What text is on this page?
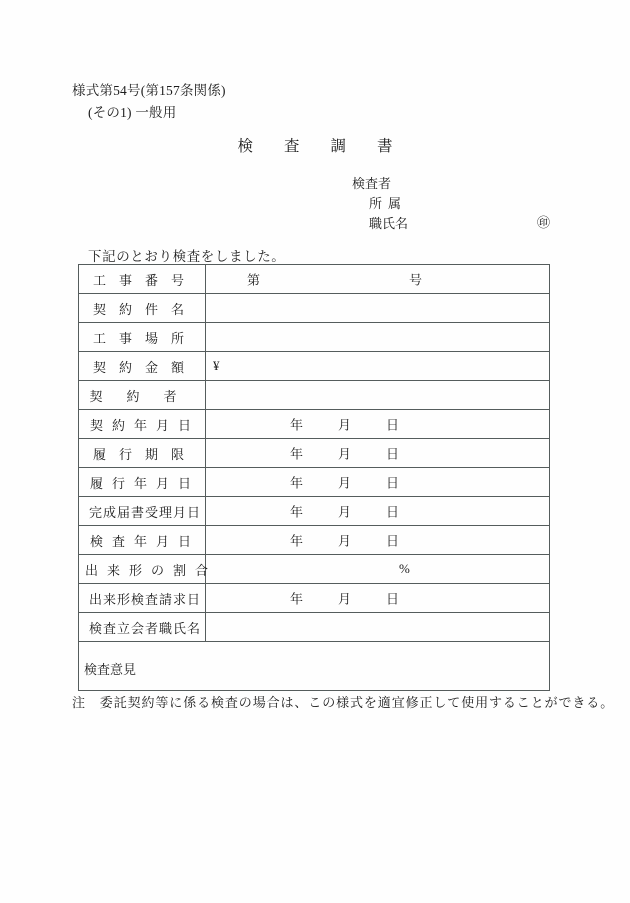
様式第54号(第157条関係)
(その1) 一般用
検査調書
検査者
所属
職氏名	㊞
下記のとおり検査をしました。
工事番号	第 号

契約件名	
工事場所	
契約金額	¥

契約者	
契約年月日	年月日

履行期限	年月日

履行年月日	年月日

完成届書受理月日	年月日

検査年月日	年月日

出来形の割合	%

出来形検査請求日	年月日

検査立会者職氏名	

検査意見	
注　委託契約等に係る検査の場合は、この様式を適宜修正して使用することができる。
